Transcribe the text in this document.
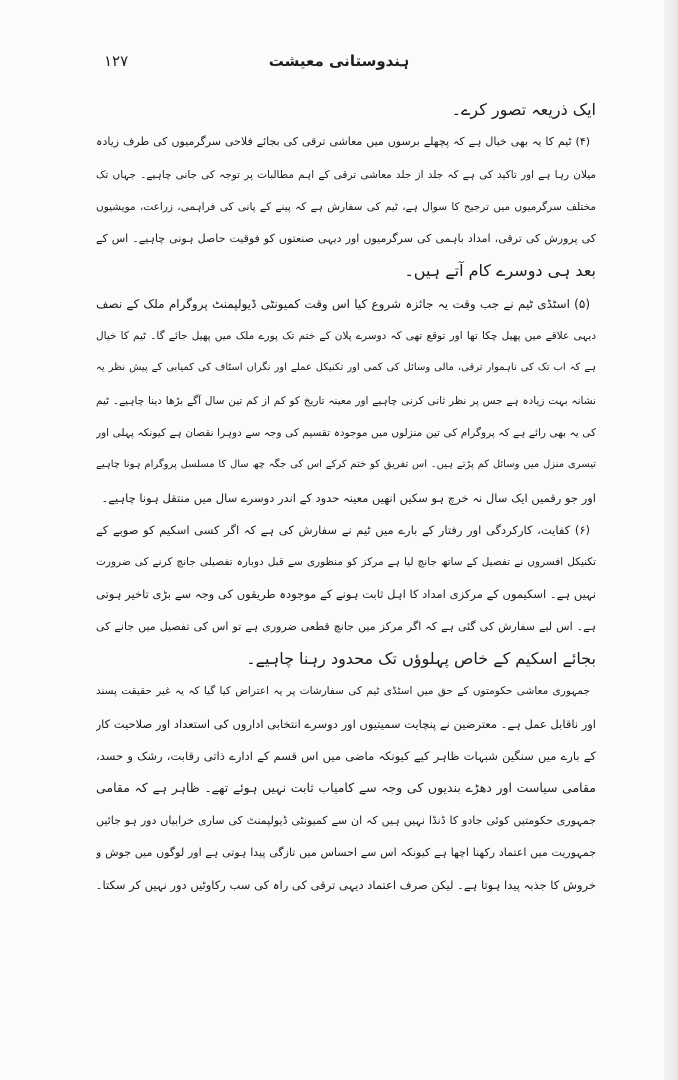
۱۲۷	ہندوستانی معیشت
ایک ذریعہ تصور کرے۔
(۴) ٹیم کا یہ بھی خیال ہے کہ پچھلے برسوں میں معاشی ترقی کی بجائے فلاحی سرگرمیوں کی طرف زیادہ
میلان رہا ہے اور تاکید کی ہے کہ جلد از جلد معاشی ترقی کے اہم مطالبات پر توجہ کی جانی چاہیے۔ جہاں تک
مختلف سرگرمیوں میں ترجیح کا سوال ہے، ٹیم کی سفارش ہے کہ پینے کے پانی کی فراہمی، زراعت، مویشیوں
کی پرورش کی ترقی، امداد باہمی کی سرگرمیوں اور دیہی صنعتوں کو فوقیت حاصل ہونی چاہیے۔ اس کے
بعد ہی دوسرے کام آتے ہیں۔
(۵) اسٹڈی ٹیم نے جب وقت یہ جائزہ شروع کیا اس وقت کمیونٹی ڈیولپمنٹ پروگرام ملک کے نصف
دیہی علاقے میں پھیل چکا تھا اور توقع تھی کہ دوسرے پلان کے ختم تک پورے ملک میں پھیل جائے گا۔ ٹیم کا خیال
ہے کہ اب تک کی ناہموار ترقی، مالی وسائل کی کمی اور تکنیکل عملے اور نگراں اسٹاف کی کمیابی کے پیش نظر یہ
نشانہ بہت زیادہ ہے جس پر نظر ثانی کرنی چاہیے اور معینہ تاریخ کو کم از کم تین سال آگے بڑھا دینا چاہیے۔ ٹیم
کی یہ بھی رائے ہے کہ پروگرام کی تین منزلوں میں موجودہ تقسیم کی وجہ سے دوہرا نقصان ہے کیونکہ پہلی اور
تیسری منزل میں وسائل کم پڑتے ہیں۔ اس تفریق کو ختم کرکے اس کی جگہ چھ سال کا مسلسل پروگرام ہونا چاہیے
اور جو رقمیں ایک سال نہ خرچ ہو سکیں انھیں معینہ حدود کے اندر دوسرے سال میں منتقل ہونا چاہیے۔
(۶) کفایت، کارکردگی اور رفتار کے بارے میں ٹیم نے سفارش کی ہے کہ اگر کسی اسکیم کو صوبے کے
تکنیکل افسروں نے تفصیل کے ساتھ جانچ لیا ہے مرکز کو منظوری سے قبل دوبارہ تفصیلی جانچ کرنے کی ضرورت
نہیں ہے۔ اسکیموں کے مرکزی امداد کا اہل ثابت ہونے کے موجودہ طریقوں کی وجہ سے بڑی تاخیر ہوتی
ہے۔ اس لیے سفارش کی گئی ہے کہ اگر مرکز میں جانچ قطعی ضروری ہے تو اس کی تفصیل میں جانے کی
بجائے اسکیم کے خاص پہلوؤں تک محدود رہنا چاہیے۔
جمہوری معاشی حکومتوں کے حق میں اسٹڈی ٹیم کی سفارشات پر یہ اعتراض کیا گیا کہ یہ غیر حقیقت پسند
اور ناقابل عمل ہے۔ معترضین نے پنچایت سمیتیوں اور دوسرے انتخابی اداروں کی استعداد اور صلاحیت کار
کے بارے میں سنگین شبہات ظاہر کیے کیونکہ ماضی میں اس قسم کے ادارے ذاتی رقابت، رشک و حسد،
مقامی سیاست اور دھڑے بندیوں کی وجہ سے کامیاب ثابت نہیں ہوئے تھے۔ ظاہر ہے کہ مقامی
جمہوری حکومتیں کوئی جادو کا ڈنڈا نہیں ہیں کہ ان سے کمیونٹی ڈیولپمنٹ کی ساری خرابیاں دور ہو جائیں
جمہوریت میں اعتماد رکھنا اچھا ہے کیونکہ اس سے احساس میں تازگی پیدا ہوتی ہے اور لوگوں میں جوش و
خروش کا جذبہ پیدا ہوتا ہے۔ لیکن صرف اعتماد دیہی ترقی کی راہ کی سب رکاوٹیں دور نہیں کر سکتا۔
